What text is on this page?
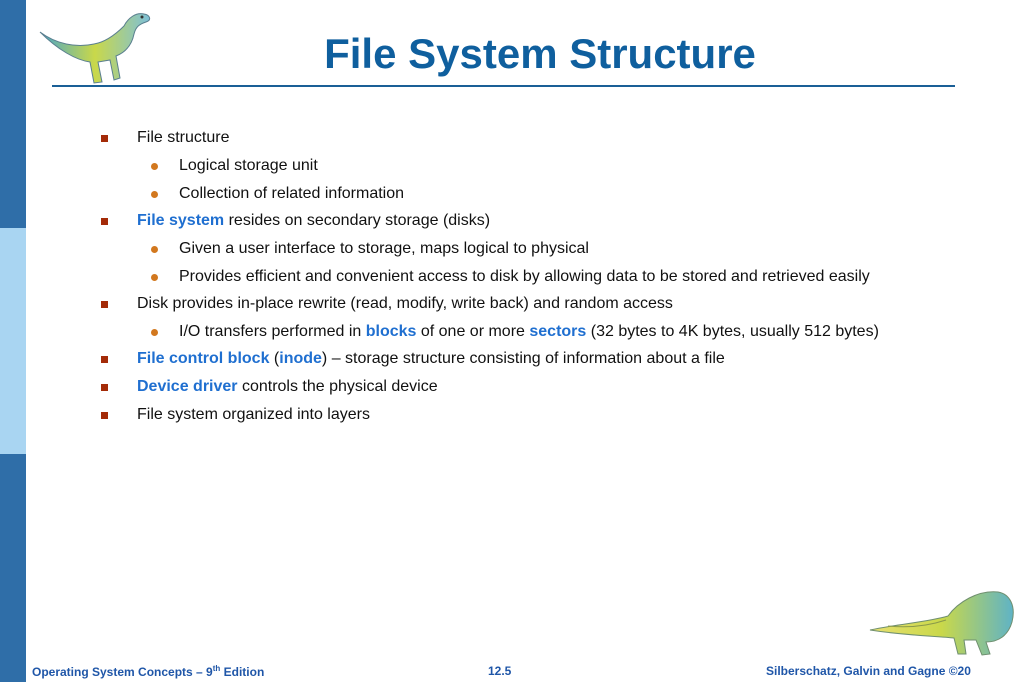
File System Structure
File structure
Logical storage unit
Collection of related information
File system resides on secondary storage (disks)
Given a user interface to storage, maps logical to physical
Provides efficient and convenient access to disk by allowing data to be stored and retrieved easily
Disk provides in-place rewrite (read, modify, write back) and random access
I/O transfers performed in blocks of one or more sectors (32 bytes to 4K bytes, usually 512 bytes)
File control block (inode) – storage structure consisting of information about a file
Device driver controls the physical device
File system organized into layers
Operating System Concepts – 9th Edition	12.5	Silberschatz, Galvin and Gagne ©20
